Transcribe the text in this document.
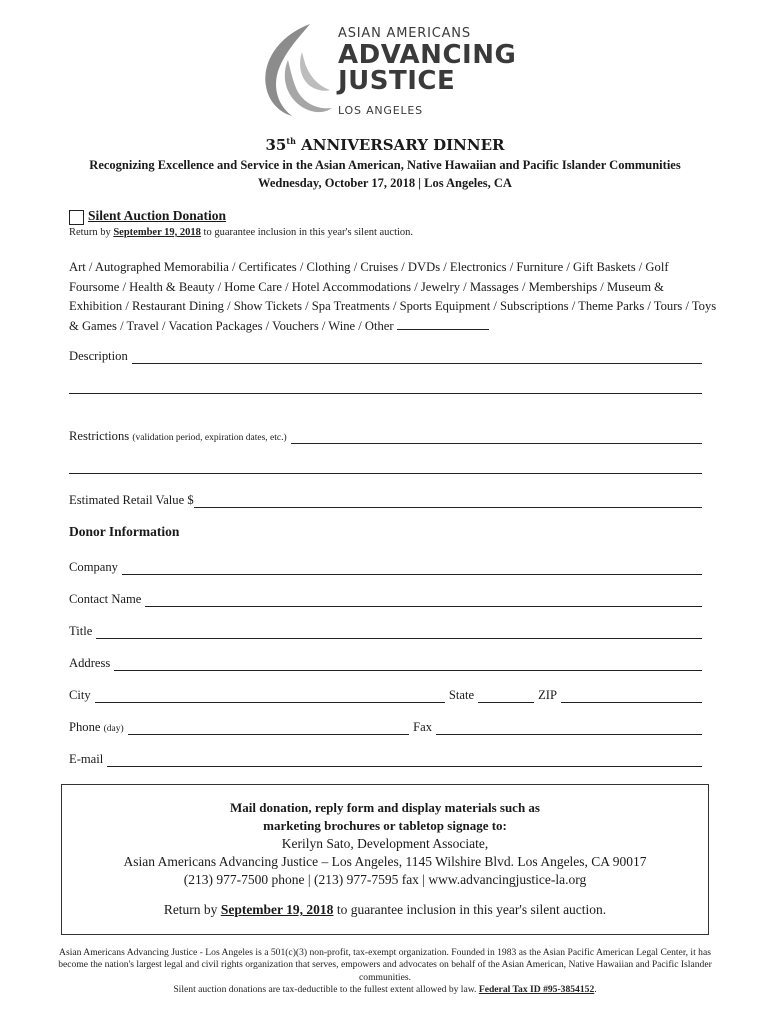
ASIAN AMERICANS
ADVANCING
JUSTICE
LOS ANGELES
35th ANNIVERSARY DINNER
Recognizing Excellence and Service in the Asian American, Native Hawaiian and Pacific Islander Communities
Wednesday, October 17, 2018 | Los Angeles, CA
Silent Auction Donation
Return by September 19, 2018 to guarantee inclusion in this year's silent auction.
Art / Autographed Memorabilia / Certificates / Clothing / Cruises / DVDs / Electronics / Furniture / Gift Baskets / Golf Foursome / Health & Beauty / Home Care / Hotel Accommodations / Jewelry / Massages / Memberships / Museum & Exhibition / Restaurant Dining / Show Tickets / Spa Treatments / Sports Equipment / Subscriptions / Theme Parks / Tours / Toys & Games / Travel / Vacation Packages / Vouchers / Wine / Other
Description
Restrictions (validation period, expiration dates, etc.)
Estimated Retail Value $
Donor Information
Company
Contact Name
Title
Address
City	State	ZIP
Phone (day)	Fax
E-mail
Mail donation, reply form and display materials such as
marketing brochures or tabletop signage to:
Kerilyn Sato, Development Associate,
Asian Americans Advancing Justice – Los Angeles, 1145 Wilshire Blvd. Los Angeles, CA 90017
(213) 977-7500 phone | (213) 977-7595 fax | www.advancingjustice-la.org
Return by September 19, 2018 to guarantee inclusion in this year's silent auction.
Asian Americans Advancing Justice - Los Angeles is a 501(c)(3) non-profit, tax-exempt organization. Founded in 1983 as the Asian Pacific American Legal Center, it has become the nation's largest legal and civil rights organization that serves, empowers and advocates on behalf of the Asian American, Native Hawaiian and Pacific Islander communities.
Silent auction donations are tax-deductible to the fullest extent allowed by law. Federal Tax ID #95-3854152.
